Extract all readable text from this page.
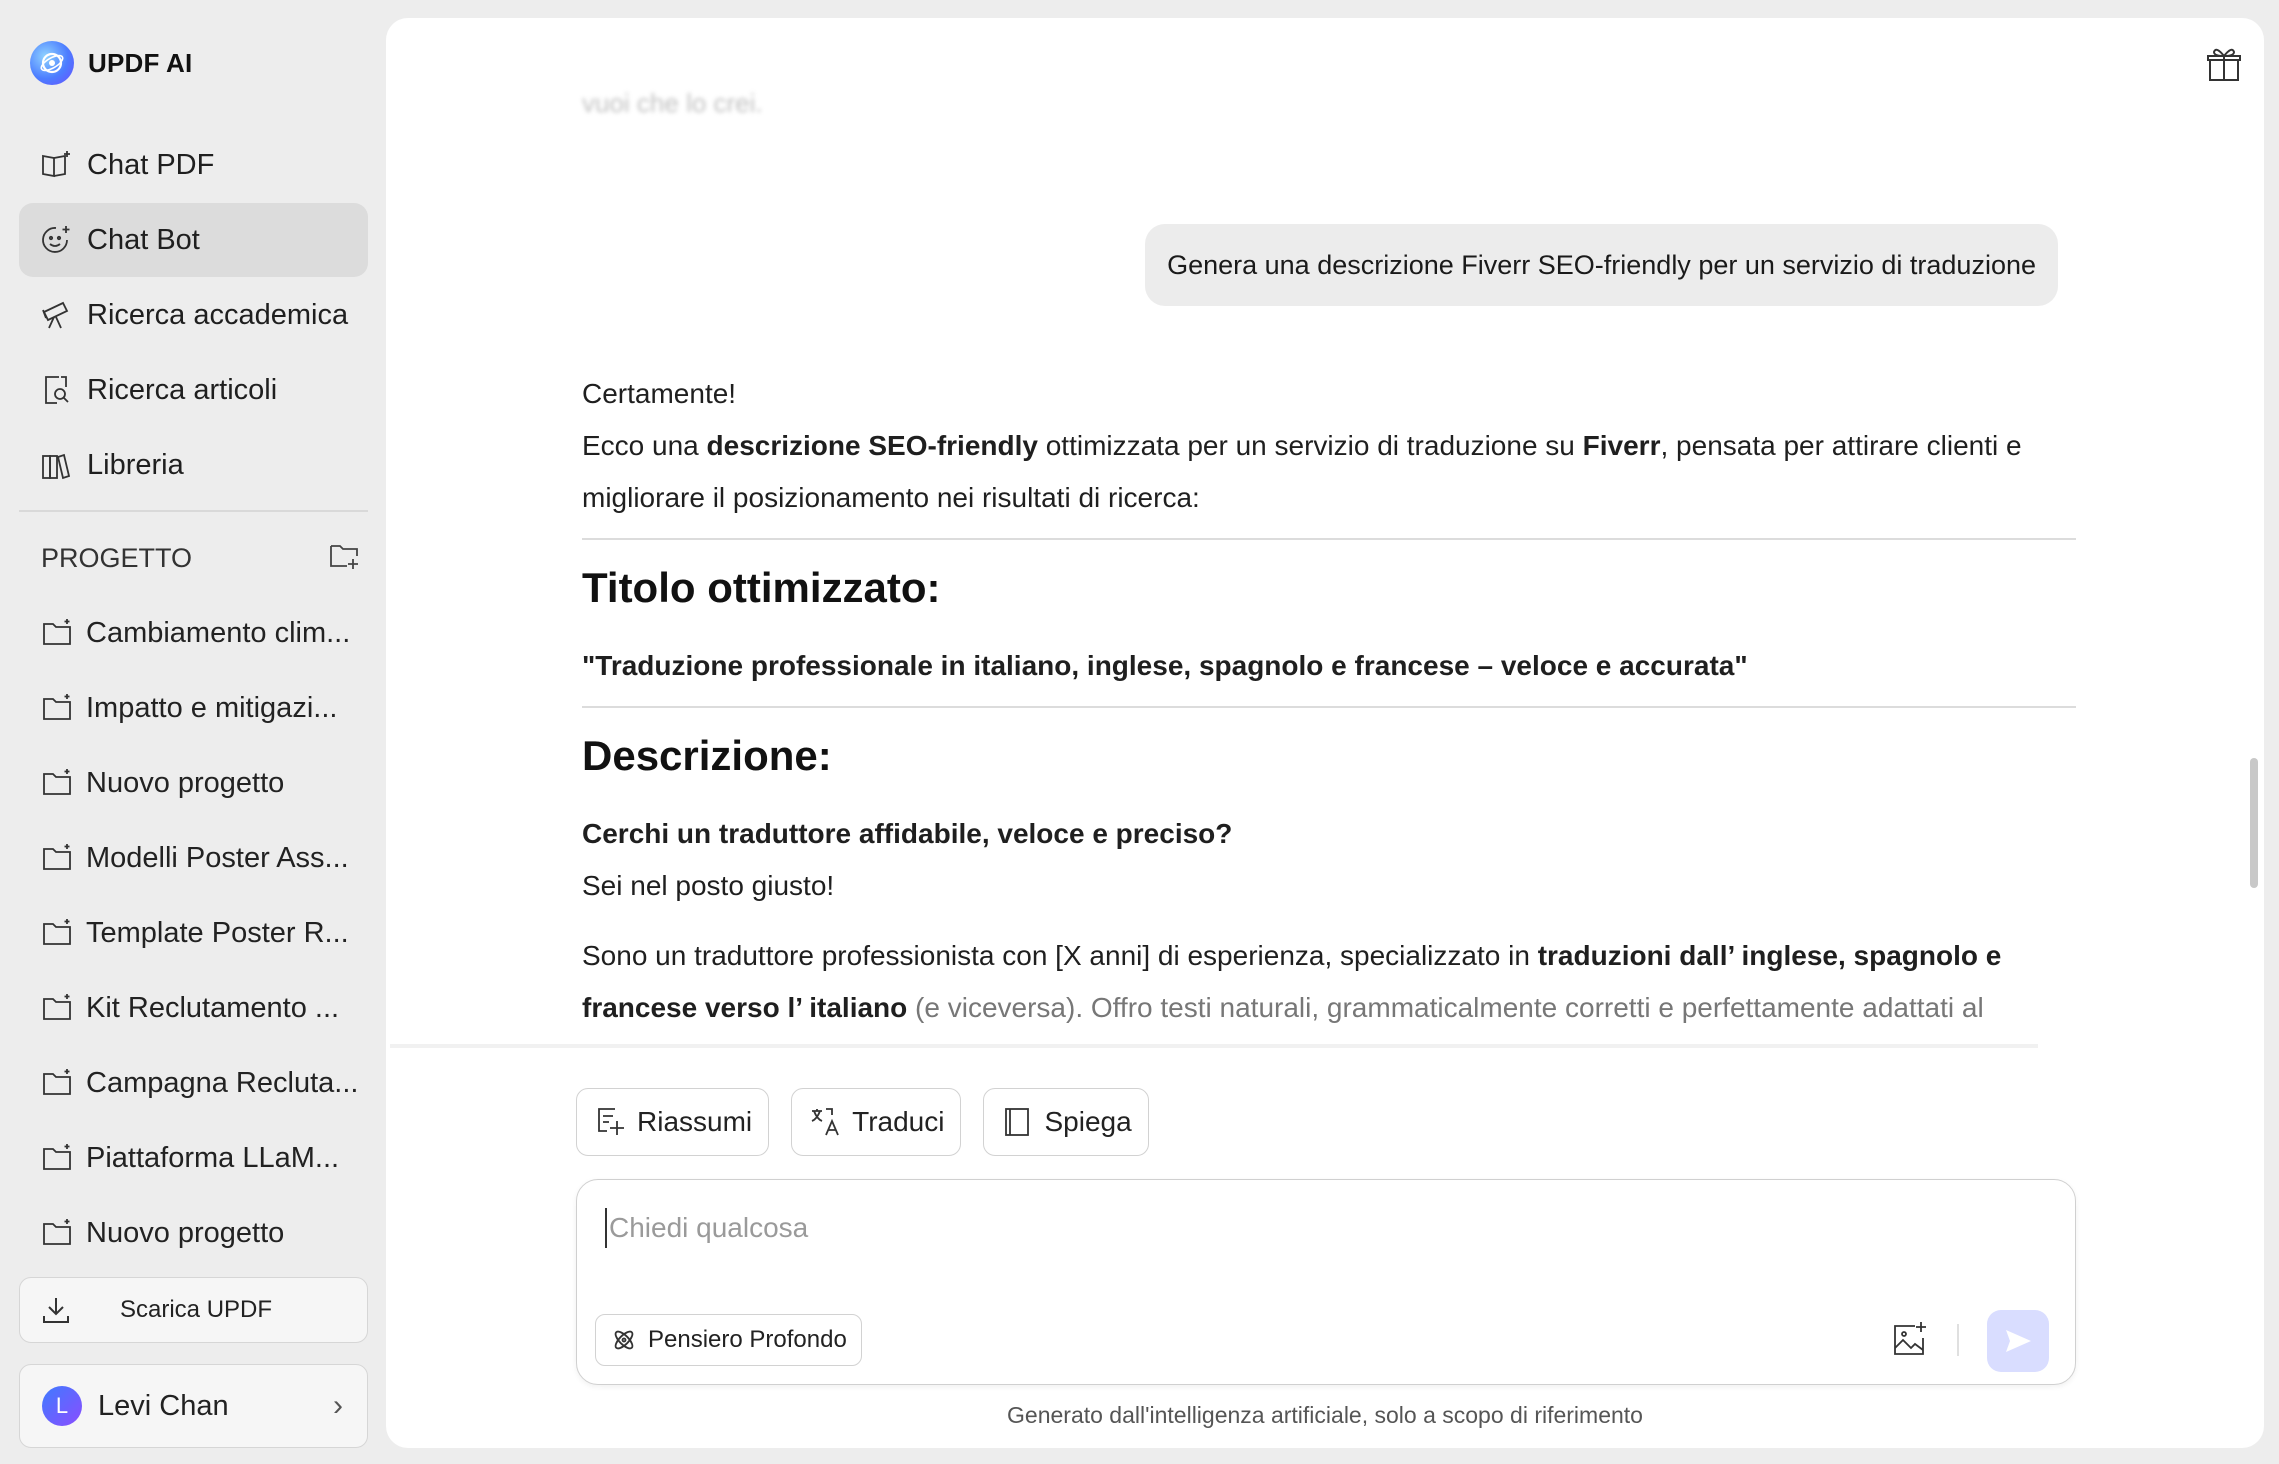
UPDF AI
Chat PDF
Chat Bot
Ricerca accademica
Ricerca articoli
Libreria
PROGETTO
Cambiamento clim...
Impatto e mitigazi...
Nuovo progetto
Modelli Poster Ass...
Template Poster R...
Kit Reclutamento ...
Campagna Recluta...
Piattaforma LLaM...
Nuovo progetto
Scarica UPDF
L	Levi Chan	›
vuoi che lo crei.
Genera una descrizione Fiverr SEO-friendly per un servizio di traduzione
Certamente!
Ecco una descrizione SEO-friendly ottimizzata per un servizio di traduzione su Fiverr, pensata per attirare clienti e migliorare il posizionamento nei risultati di ricerca:
Titolo ottimizzato:
"Traduzione professionale in italiano, inglese, spagnolo e francese – veloce e accurata"
Descrizione:
Cerchi un traduttore affidabile, veloce e preciso?
Sei nel posto giusto!
Sono un traduttore professionista con [X anni] di esperienza, specializzato in traduzioni dall’ inglese, spagnolo e francese verso l’ italiano (e viceversa). Offro testi naturali, grammaticalmente corretti e perfettamente adattati al
Riassumi	Traduci	Spiega
Chiedi qualcosa
Pensiero Profondo
Generato dall'intelligenza artificiale, solo a scopo di riferimento
